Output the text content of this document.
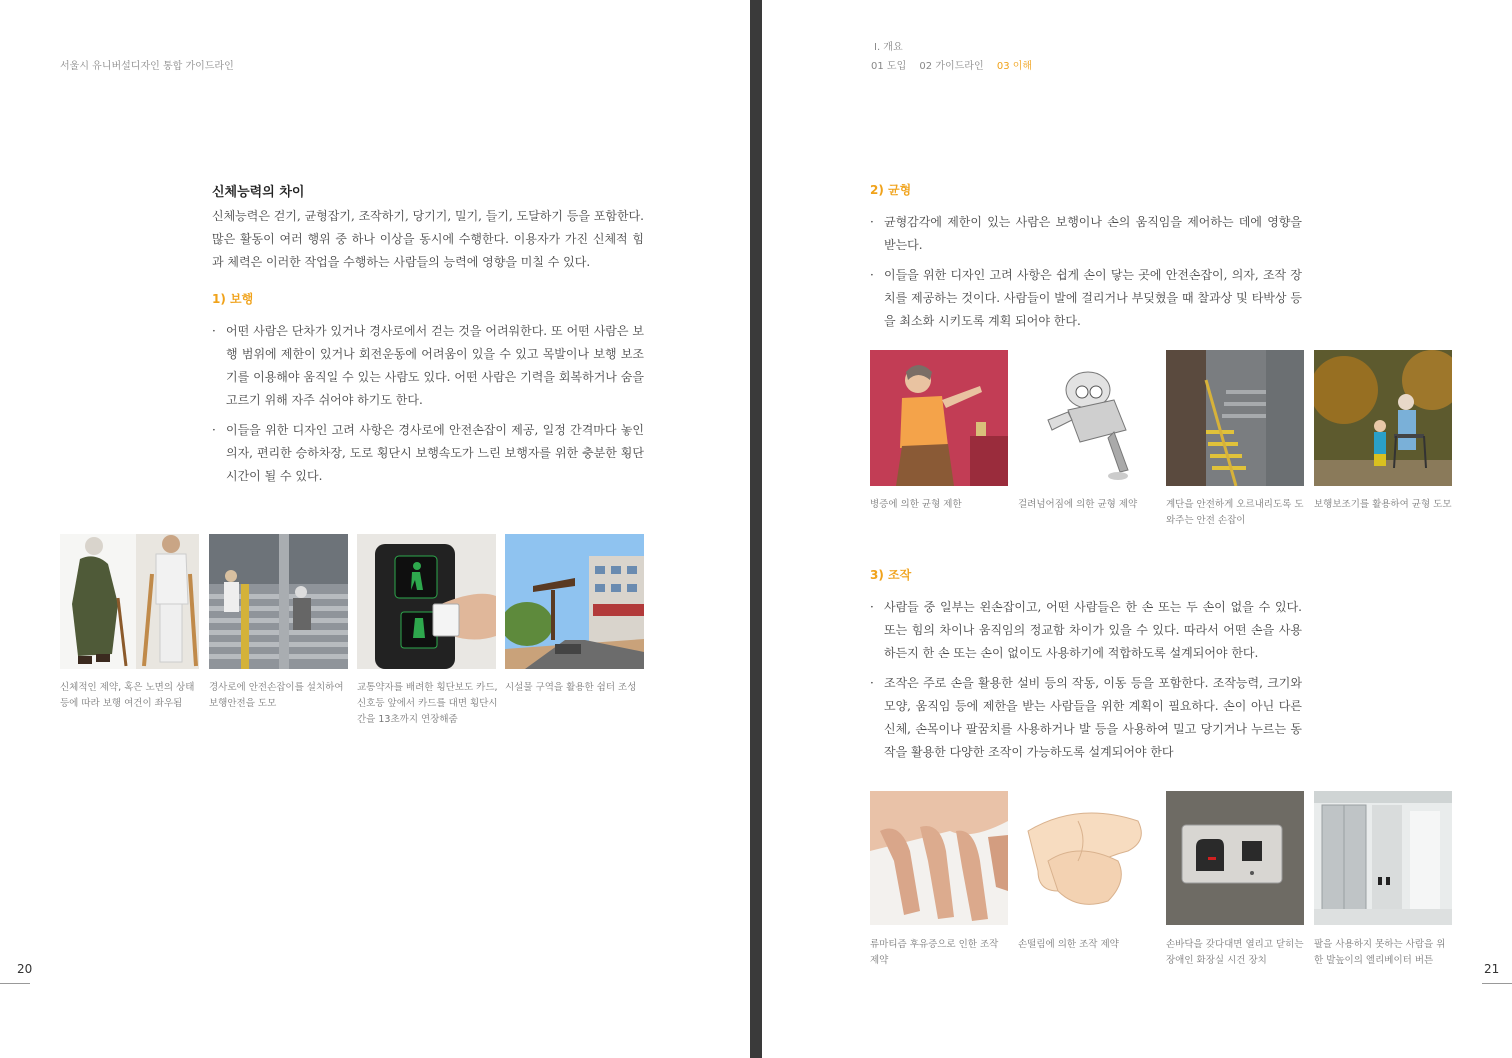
서울시 유니버설디자인 통합 가이드라인
신체능력의 차이
신체능력은 걷기, 균형잡기, 조작하기, 당기기, 밀기, 들기, 도달하기 등을 포함한다. 많은 활동이 여러 행위 중 하나 이상을 동시에 수행한다. 이용자가 가진 신체적 힘과 체력은 이러한 작업을 수행하는 사람들의 능력에 영향을 미칠 수 있다.
1) 보행
· 어떤 사람은 단차가 있거나 경사로에서 걷는 것을 어려워한다. 또 어떤 사람은 보행 범위에 제한이 있거나 회전운동에 어려움이 있을 수 있고 목발이나 보행 보조기를 이용해야 움직일 수 있는 사람도 있다. 어떤 사람은 기력을 회복하거나 숨을 고르기 위해 자주 쉬어야 하기도 한다.
· 이들을 위한 디자인 고려 사항은 경사로에 안전손잡이 제공, 일정 간격마다 놓인 의자, 편리한 승하차장, 도로 횡단시 보행속도가 느린 보행자를 위한 충분한 횡단 시간이 될 수 있다.
신체적인 제약, 혹은 노면의 상태 등에 따라 보행 여건이 좌우됨
경사로에 안전손잡이를 설치하여 보행안전을 도모
교통약자를 배려한 횡단보도 카드, 신호등 앞에서 카드를 대면 횡단시간을 13초까지 연장해줌
시설물 구역을 활용한 쉼터 조성
20
Ⅰ. 개요
01 도입 02 가이드라인 03 이해
2) 균형
· 균형감각에 제한이 있는 사람은 보행이나 손의 움직임을 제어하는 데에 영향을 받는다.
· 이들을 위한 디자인 고려 사항은 쉽게 손이 닿는 곳에 안전손잡이, 의자, 조작 장치를 제공하는 것이다. 사람들이 발에 걸리거나 부딪혔을 때 찰과상 및 타박상 등을 최소화 시키도록 계획 되어야 한다.
병증에 의한 균형 제한	걸려넘어짐에 의한 균형 제약	계단을 안전하게 오르내리도록 도와주는 안전 손잡이
보행보조기를 활용하여 균형 도모
3) 조작
· 사람들 중 일부는 왼손잡이고, 어떤 사람들은 한 손 또는 두 손이 없을 수 있다. 또는 힘의 차이나 움직임의 정교함 차이가 있을 수 있다. 따라서 어떤 손을 사용하든지 한 손 또는 손이 없이도 사용하기에 적합하도록 설계되어야 한다.
· 조작은 주로 손을 활용한 설비 등의 작동, 이동 등을 포함한다. 조작능력, 크기와 모양, 움직임 등에 제한을 받는 사람들을 위한 계획이 필요하다. 손이 아닌 다른 신체, 손목이나 팔꿈치를 사용하거나 발 등을 사용하여 밀고 당기거나 누르는 동작을 활용한 다양한 조작이 가능하도록 설계되어야 한다
류마티즘 후유증으로 인한 조작 제약
손떨림에 의한 조작 제약	손바닥을 갖다대면 열리고 닫히는 장애인 화장실 시건 장치
팔을 사용하지 못하는 사람을 위한 발높이의 엘리베이터 버튼
21
